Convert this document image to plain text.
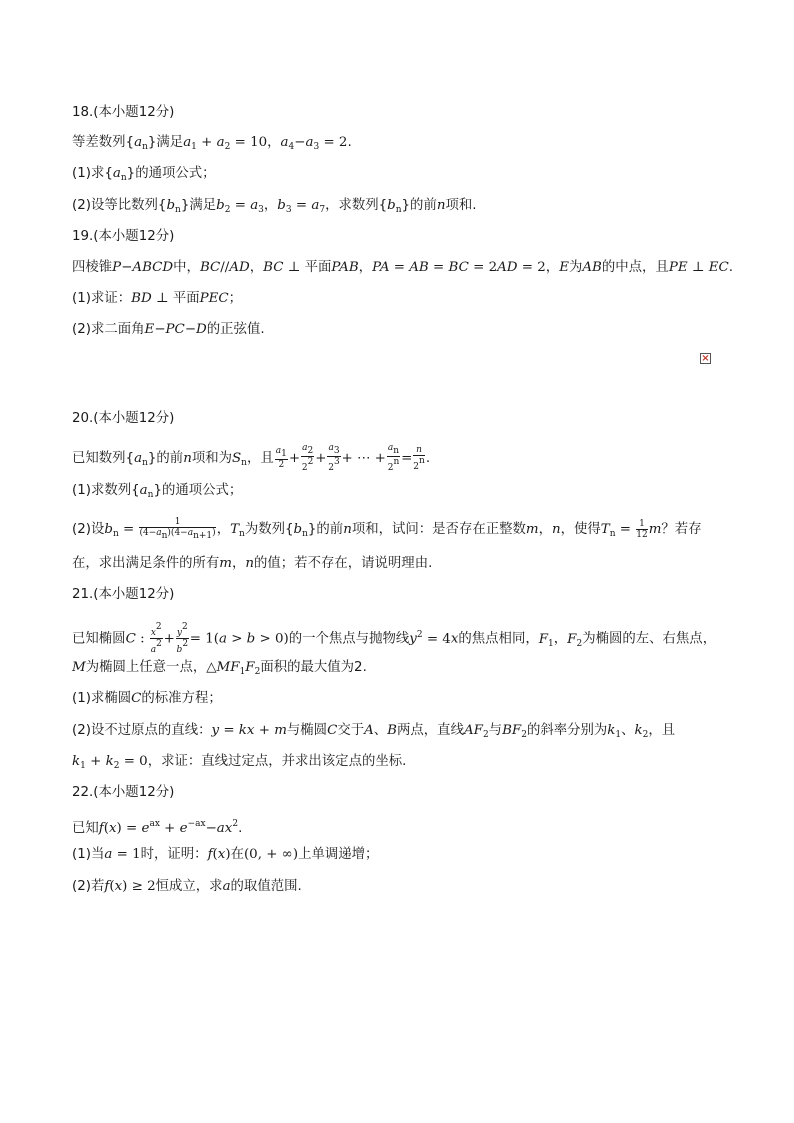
18.(本小题12分)
等差数列$\{a_n\}$满足$a_1 + a_2 = 10$，$a_4-a_3 = 2$.
(1)求$\{a_n\}$的通项公式；
(2)设等比数列$\{b_n\}$满足$b_2 = a_3$，$b_3 = a_7$，求数列$\{b_n\}$的前n项和.
19.(本小题12分)
四棱锥P−ABCD中，BC//AD，BC ⊥ 平面PAB，PA = AB = BC = 2AD = 2，E为AB的中点，且PE ⊥ EC.
(1)求证：BD ⊥ 平面PEC；
(2)求二面角E−PC−D的正弦值.
×
20.(本小题12分)
已知数列$\{a_n\}$的前n项和为$S_n$，且 $\frac{a1}{2} + \frac{a2}{22} + \frac{a3}{23}$ + ⋯ + $\frac{an}{2n} = \frac{n}{2n}$ .
(1)求数列$\{a_n\}$的通项公式；
(2)设$b_n = \frac{1}{(4-an)(4-an+1)}$ ，$T_n$为数列$\{b_n\}$的前n项和，试问：是否存在正整数m，n，使得$T_n = \frac{1}{12}$ m？若存
在，求出满足条件的所有m，n的值；若不存在，请说明理由.
21.(本小题12分)
已知椭圆C : $\frac{x2}{a2} + \frac{y2}{b2} = 1(a > b > 0)$的一个焦点与抛物线$y^2 = 4x$的焦点相同，$F_1$，$F_2$为椭圆的左、右焦点，
M为椭圆上任意一点，$\triangle MF_1F_2$面积的最大值为2.
(1)求椭圆C的标准方程；
(2)设不过原点的直线：y = kx + m与椭圆C交于A、B两点，直线$AF_2$与$BF_2$的斜率分别为$k_1$、$k_2$，且
$k_1 + k_2 = 0$，求证：直线过定点，并求出该定点的坐标.
22.(本小题12分)
已知$f(x) = e^{ax} + e^{-ax}-ax^2$.
(1)当a = 1时，证明：f(x)在(0, + ∞)上单调递增；
(2)若f(x) ≥ 2恒成立，求a的取值范围.
